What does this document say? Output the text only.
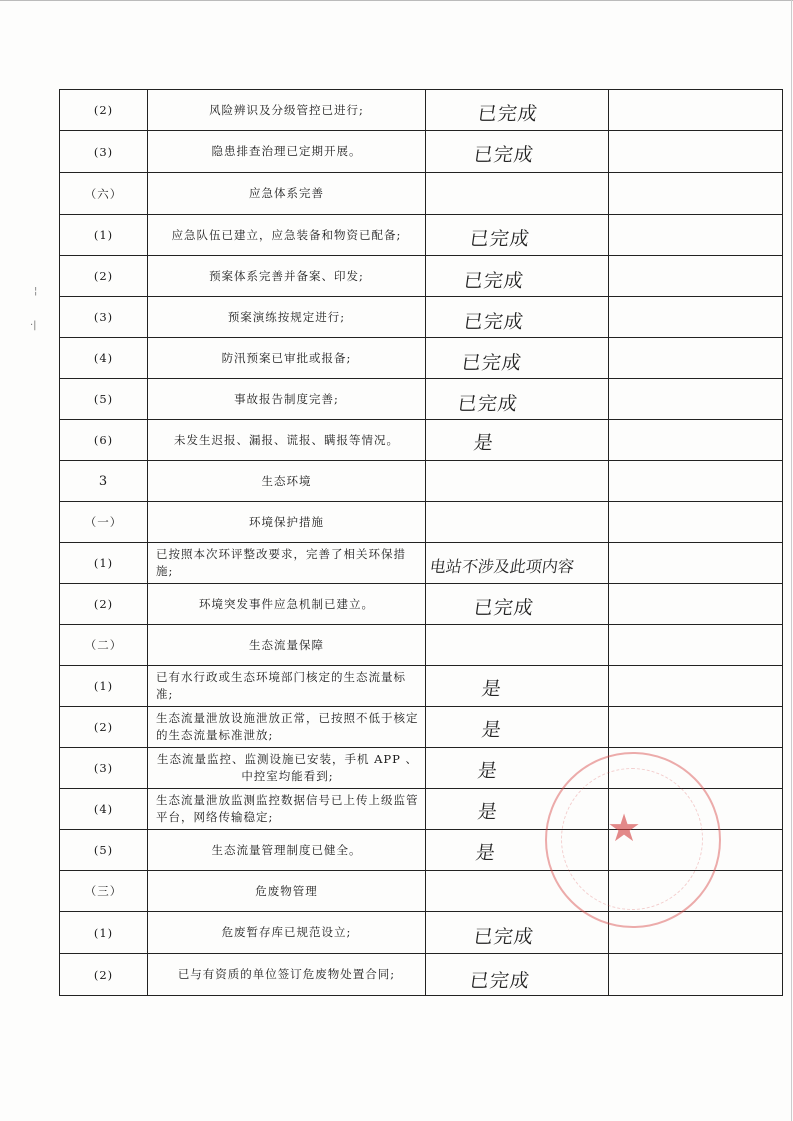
(2)	风险辨识及分级管控已进行;	已完成	

(3)	隐患排查治理已定期开展。	已完成	

（六）	应急体系完善		
(1)	应急队伍已建立，应急装备和物资已配备;	已完成	

(2)	预案体系完善并备案、印发;	已完成	

(3)	预案演练按规定进行;	已完成	

(4)	防汛预案已审批或报备;	已完成	

(5)	事故报告制度完善;	已完成	

(6)	未发生迟报、漏报、谎报、瞒报等情况。	是	

3	生态环境		
（一）	环境保护措施		
(1)	已按照本次环评整改要求，完善了相关环保措施;	电站不涉及此项内容	

(2)	环境突发事件应急机制已建立。	已完成	

（二）	生态流量保障		
(1)	已有水行政或生态环境部门核定的生态流量标准;	是	

(2)	生态流量泄放设施泄放正常，已按照不低于核定的生态流量标准泄放;	是	

(3)	生态流量监控、监测设施已安装，手机 APP 、中控室均能看到;	是	

(4)	生态流量泄放监测监控数据信号已上传上级监管平台，网络传输稳定;	是	

(5)	生态流量管理制度已健全。	是	

（三）	危废物管理		
(1)	危废暂存库已规范设立;	已完成	

(2)	已与有资质的单位签订危废物处置合同;	已完成	

★
¦
·|
